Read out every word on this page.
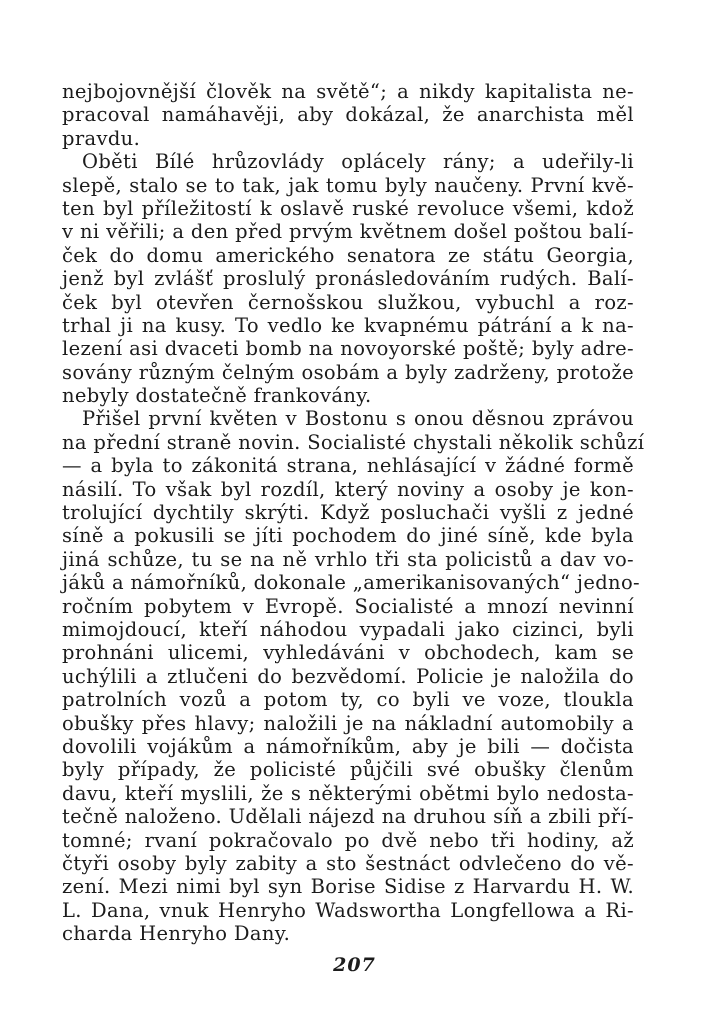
nejbojovnější člověk na světě“; a nikdy kapitalista ne-
pracoval namáhavěji, aby dokázal, že anarchista měl
pravdu.
Oběti Bílé hrůzovlády oplácely rány; a udeřily-li
slepě, stalo se to tak, jak tomu byly naučeny. První kvě-
ten byl příležitostí k oslavě ruské revoluce všemi, kdož
v ni věřili; a den před prvým květnem došel poštou balí-
ček do domu amerického senatora ze státu Georgia,
jenž byl zvlášť proslulý pronásledováním rudých. Balí-
ček byl otevřen černošskou služkou, vybuchl a roz-
trhal ji na kusy. To vedlo ke kvapnému pátrání a k na-
lezení asi dvaceti bomb na novoyorské poště; byly adre-
sovány různým čelným osobám a byly zadrženy, protože
nebyly dostatečně frankovány.
Přišel první květen v Bostonu s onou děsnou zprávou
na přední straně novin. Socialisté chystali několik schůzí
— a byla to zákonitá strana, nehlásající v žádné formě
násilí. To však byl rozdíl, který noviny a osoby je kon-
trolující dychtily skrýti. Když posluchači vyšli z jedné
síně a pokusili se jíti pochodem do jiné síně, kde byla
jiná schůze, tu se na ně vrhlo tři sta policistů a dav vo-
jáků a námořníků, dokonale „amerikanisovaných“ jedno-
ročním pobytem v Evropě. Socialisté a mnozí nevinní
mimojdoucí, kteří náhodou vypadali jako cizinci, byli
prohnáni ulicemi, vyhledáváni v obchodech, kam se
uchýlili a ztlučeni do bezvědomí. Policie je naložila do
patrolních vozů a potom ty, co byli ve voze, tloukla
obušky přes hlavy; naložili je na nákladní automobily a
dovolili vojákům a námořníkům, aby je bili — dočista
byly případy, že policisté půjčili své obušky členům
davu, kteří myslili, že s některými obětmi bylo nedosta-
tečně naloženo. Udělali nájezd na druhou síň a zbili pří-
tomné; rvaní pokračovalo po dvě nebo tři hodiny, až
čtyři osoby byly zabity a sto šestnáct odvlečeno do vě-
zení. Mezi nimi byl syn Borise Sidise z Harvardu H. W.
L. Dana, vnuk Henryho Wadswortha Longfellowa a Ri-
charda Henryho Dany.
207
